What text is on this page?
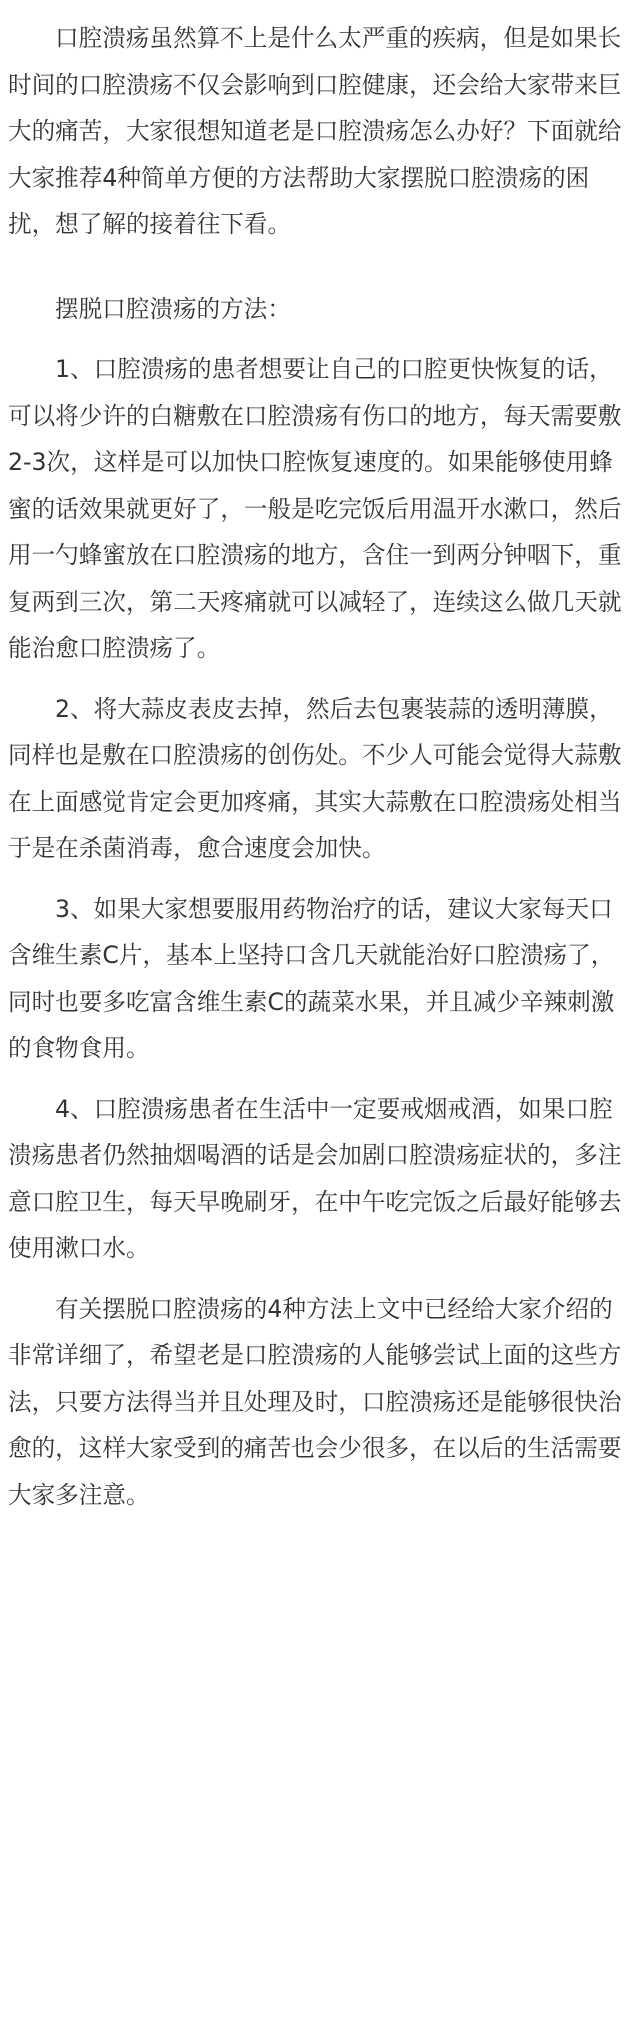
口腔溃疡虽然算不上是什么太严重的疾病，但是如果长时间的口腔溃疡不仅会影响到口腔健康，还会给大家带来巨大的痛苦，大家很想知道老是口腔溃疡怎么办好？下面就给大家推荐4种简单方便的方法帮助大家摆脱口腔溃疡的困扰，想了解的接着往下看。

摆脱口腔溃疡的方法：

1、口腔溃疡的患者想要让自己的口腔更快恢复的话，可以将少许的白糖敷在口腔溃疡有伤口的地方，每天需要敷2-3次，这样是可以加快口腔恢复速度的。如果能够使用蜂蜜的话效果就更好了，一般是吃完饭后用温开水漱口，然后用一勺蜂蜜放在口腔溃疡的地方，含住一到两分钟咽下，重复两到三次，第二天疼痛就可以减轻了，连续这么做几天就能治愈口腔溃疡了。

2、将大蒜皮表皮去掉，然后去包裹装蒜的透明薄膜，同样也是敷在口腔溃疡的创伤处。不少人可能会觉得大蒜敷在上面感觉肯定会更加疼痛，其实大蒜敷在口腔溃疡处相当于是在杀菌消毒，愈合速度会加快。

3、如果大家想要服用药物治疗的话，建议大家每天口含维生素C片，基本上坚持口含几天就能治好口腔溃疡了，同时也要多吃富含维生素C的蔬菜水果，并且减少辛辣刺激的食物食用。

4、口腔溃疡患者在生活中一定要戒烟戒酒，如果口腔溃疡患者仍然抽烟喝酒的话是会加剧口腔溃疡症状的，多注意口腔卫生，每天早晚刷牙，在中午吃完饭之后最好能够去使用漱口水。

有关摆脱口腔溃疡的4种方法上文中已经给大家介绍的非常详细了，希望老是口腔溃疡的人能够尝试上面的这些方法，只要方法得当并且处理及时，口腔溃疡还是能够很快治愈的，这样大家受到的痛苦也会少很多，在以后的生活需要大家多注意。
